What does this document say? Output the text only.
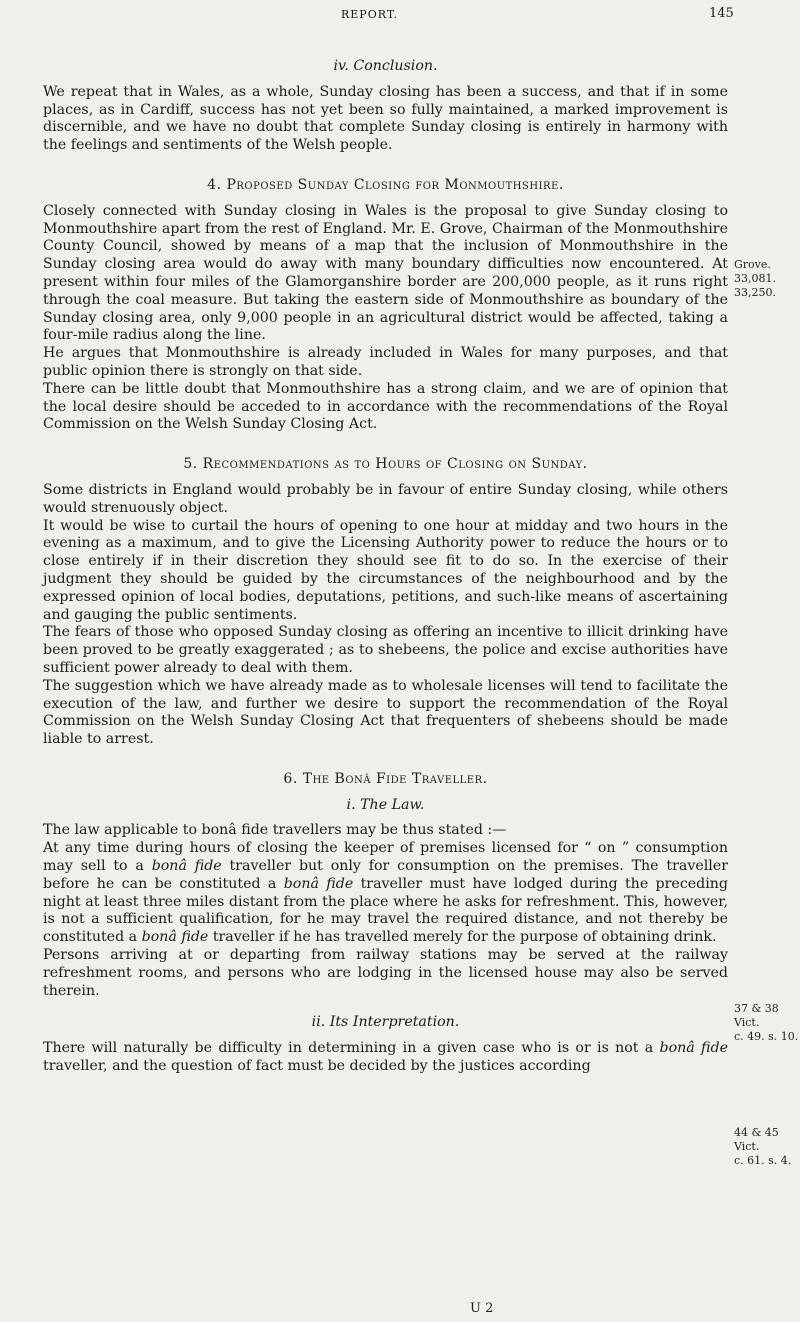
REPORT.	145

iv. Conclusion.

We repeat that in Wales, as a whole, Sunday closing has been a success, and that if in some places, as in Cardiff, success has not yet been so fully maintained, a marked improvement is discernible, and we have no doubt that complete Sunday closing is entirely in harmony with the feelings and sentiments of the Welsh people.

4. Proposed Sunday Closing for Monmouthshire.

Closely connected with Sunday closing in Wales is the proposal to give Sunday closing to Monmouthshire apart from the rest of England. Mr. E. Grove, Chairman of the Monmouthshire County Council, showed by means of a map that the inclusion of Monmouthshire in the Sunday closing area would do away with many boundary difficulties now encountered. At present within four miles of the Glamorganshire border are 200,000 people, as it runs right through the coal measure. But taking the eastern side of Monmouthshire as boundary of the Sunday closing area, only 9,000 people in an agricultural district would be affected, taking a four-mile radius along the line.

He argues that Monmouthshire is already included in Wales for many purposes, and that public opinion there is strongly on that side.

There can be little doubt that Monmouthshire has a strong claim, and we are of opinion that the local desire should be acceded to in accordance with the recommendations of the Royal Commission on the Welsh Sunday Closing Act.

5. Recommendations as to Hours of Closing on Sunday.

Some districts in England would probably be in favour of entire Sunday closing, while others would strenuously object.

It would be wise to curtail the hours of opening to one hour at midday and two hours in the evening as a maximum, and to give the Licensing Authority power to reduce the hours or to close entirely if in their discretion they should see fit to do so. In the exercise of their judgment they should be guided by the circumstances of the neighbourhood and by the expressed opinion of local bodies, deputations, petitions, and such-like means of ascertaining and gauging the public sentiments.

The fears of those who opposed Sunday closing as offering an incentive to illicit drinking have been proved to be greatly exaggerated ; as to shebeens, the police and excise authorities have sufficient power already to deal with them.

The suggestion which we have already made as to wholesale licenses will tend to facilitate the execution of the law, and further we desire to support the recommendation of the Royal Commission on the Welsh Sunday Closing Act that frequenters of shebeens should be made liable to arrest.

6. The Bonâ Fide Traveller.

i. The Law.

The law applicable to bonâ fide travellers may be thus stated :—

At any time during hours of closing the keeper of premises licensed for “ on ” consumption may sell to a bonâ fide traveller but only for consumption on the premises. The traveller before he can be constituted a bonâ fide traveller must have lodged during the preceding night at least three miles distant from the place where he asks for refreshment. This, however, is not a sufficient qualification, for he may travel the required distance, and not thereby be constituted a bonâ fide traveller if he has travelled merely for the purpose of obtaining drink.

Persons arriving at or departing from railway stations may be served at the railway refreshment rooms, and persons who are lodging in the licensed house may also be served therein.

ii. Its Interpretation.

There will naturally be difficulty in determining in a given case who is or is not a bonâ fide traveller, and the question of fact must be decided by the justices according

Grove.
33,081.
33,250.
37 & 38 Vict.
c. 49. s. 10.
44 & 45 Vict.
c. 61. s. 4.
U 2
